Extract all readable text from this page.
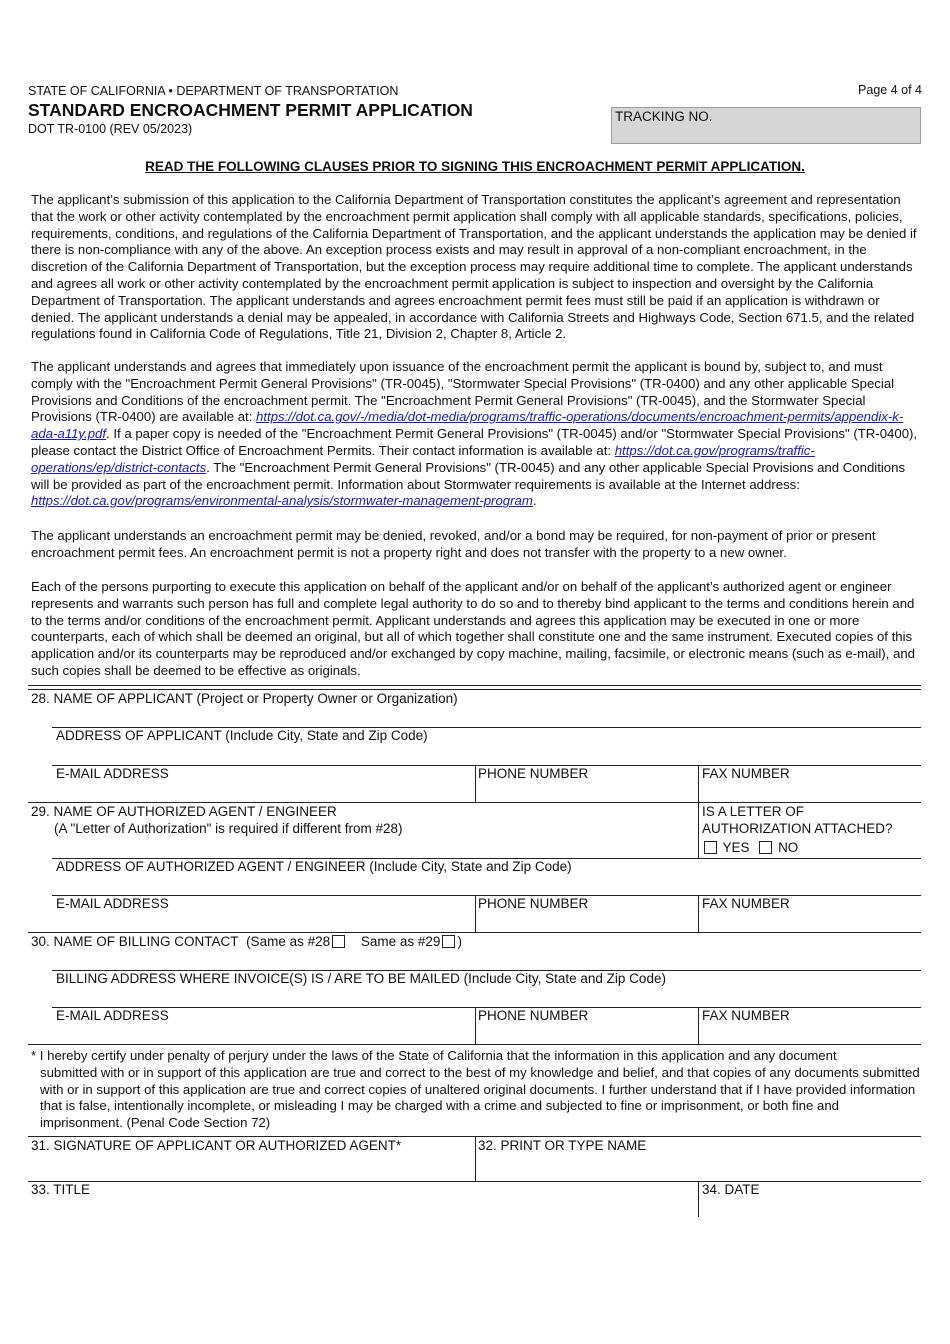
STATE OF CALIFORNIA • DEPARTMENT OF TRANSPORTATION
STANDARD ENCROACHMENT PERMIT APPLICATION
DOT TR-0100 (REV 05/2023)
Page 4 of 4
TRACKING NO.
READ THE FOLLOWING CLAUSES PRIOR TO SIGNING THIS ENCROACHMENT PERMIT APPLICATION.
The applicant’s submission of this application to the California Department of Transportation constitutes the applicant’s agreement and representation that the work or other activity contemplated by the encroachment permit application shall comply with all applicable standards, specifications, policies, requirements, conditions, and regulations of the California Department of Transportation, and the applicant understands the application may be denied if there is non-compliance with any of the above. An exception process exists and may result in approval of a non-compliant encroachment, in the discretion of the California Department of Transportation, but the exception process may require additional time to complete. The applicant understands and agrees all work or other activity contemplated by the encroachment permit application is subject to inspection and oversight by the California Department of Transportation. The applicant understands and agrees encroachment permit fees must still be paid if an application is withdrawn or denied. The applicant understands a denial may be appealed, in accordance with California Streets and Highways Code, Section 671.5, and the related regulations found in California Code of Regulations, Title 21, Division 2, Chapter 8, Article 2.
The applicant understands and agrees that immediately upon issuance of the encroachment permit the applicant is bound by, subject to, and must comply with the "Encroachment Permit General Provisions" (TR-0045), "Stormwater Special Provisions" (TR-0400) and any other applicable Special Provisions and Conditions of the encroachment permit. The "Encroachment Permit General Provisions" (TR-0045), and the Stormwater Special Provisions (TR-0400) are available at: https://dot.ca.gov/-/media/dot-media/programs/traffic-operations/documents/encroachment-permits/appendix-k-ada-a11y.pdf. If a paper copy is needed of the "Encroachment Permit General Provisions" (TR-0045) and/or "Stormwater Special Provisions" (TR-0400), please contact the District Office of Encroachment Permits. Their contact information is available at: https://dot.ca.gov/programs/traffic-operations/ep/district-contacts. The "Encroachment Permit General Provisions" (TR-0045) and any other applicable Special Provisions and Conditions will be provided as part of the encroachment permit. Information about Stormwater requirements is available at the Internet address: https://dot.ca.gov/programs/environmental-analysis/stormwater-management-program.
The applicant understands an encroachment permit may be denied, revoked, and/or a bond may be required, for non-payment of prior or present encroachment permit fees. An encroachment permit is not a property right and does not transfer with the property to a new owner.
Each of the persons purporting to execute this application on behalf of the applicant and/or on behalf of the applicant’s authorized agent or engineer represents and warrants such person has full and complete legal authority to do so and to thereby bind applicant to the terms and conditions herein and to the terms and/or conditions of the encroachment permit. Applicant understands and agrees this application may be executed in one or more counterparts, each of which shall be deemed an original, but all of which together shall constitute one and the same instrument. Executed copies of this application and/or its counterparts may be reproduced and/or exchanged by copy machine, mailing, facsimile, or electronic means (such as e-mail), and such copies shall be deemed to be effective as originals.
28. NAME OF APPLICANT (Project or Property Owner or Organization)
ADDRESS OF APPLICANT (Include City, State and Zip Code)
E-MAIL ADDRESS	PHONE NUMBER	FAX NUMBER
29. NAME OF AUTHORIZED AGENT / ENGINEER
(A "Letter of Authorization" is required if different from #28)
IS A LETTER OF
AUTHORIZATION ATTACHED?
YES NO
ADDRESS OF AUTHORIZED AGENT / ENGINEER (Include City, State and Zip Code)
E-MAIL ADDRESS	PHONE NUMBER	FAX NUMBER
30. NAME OF BILLING CONTACT (Same as #28 Same as #29 )
BILLING ADDRESS WHERE INVOICE(S) IS / ARE TO BE MAILED (Include City, State and Zip Code)
E-MAIL ADDRESS	PHONE NUMBER	FAX NUMBER
* I hereby certify under penalty of perjury under the laws of the State of California that the information in this application and any document
submitted with or in support of this application are true and correct to the best of my knowledge and belief, and that copies of any documents submitted with or in support of this application are true and correct copies of unaltered original documents. I further understand that if I have provided information that is false, intentionally incomplete, or misleading I may be charged with a crime and subjected to fine or imprisonment, or both fine and imprisonment. (Penal Code Section 72)
31. SIGNATURE OF APPLICANT OR AUTHORIZED AGENT*	32. PRINT OR TYPE NAME
33. TITLE	34. DATE
